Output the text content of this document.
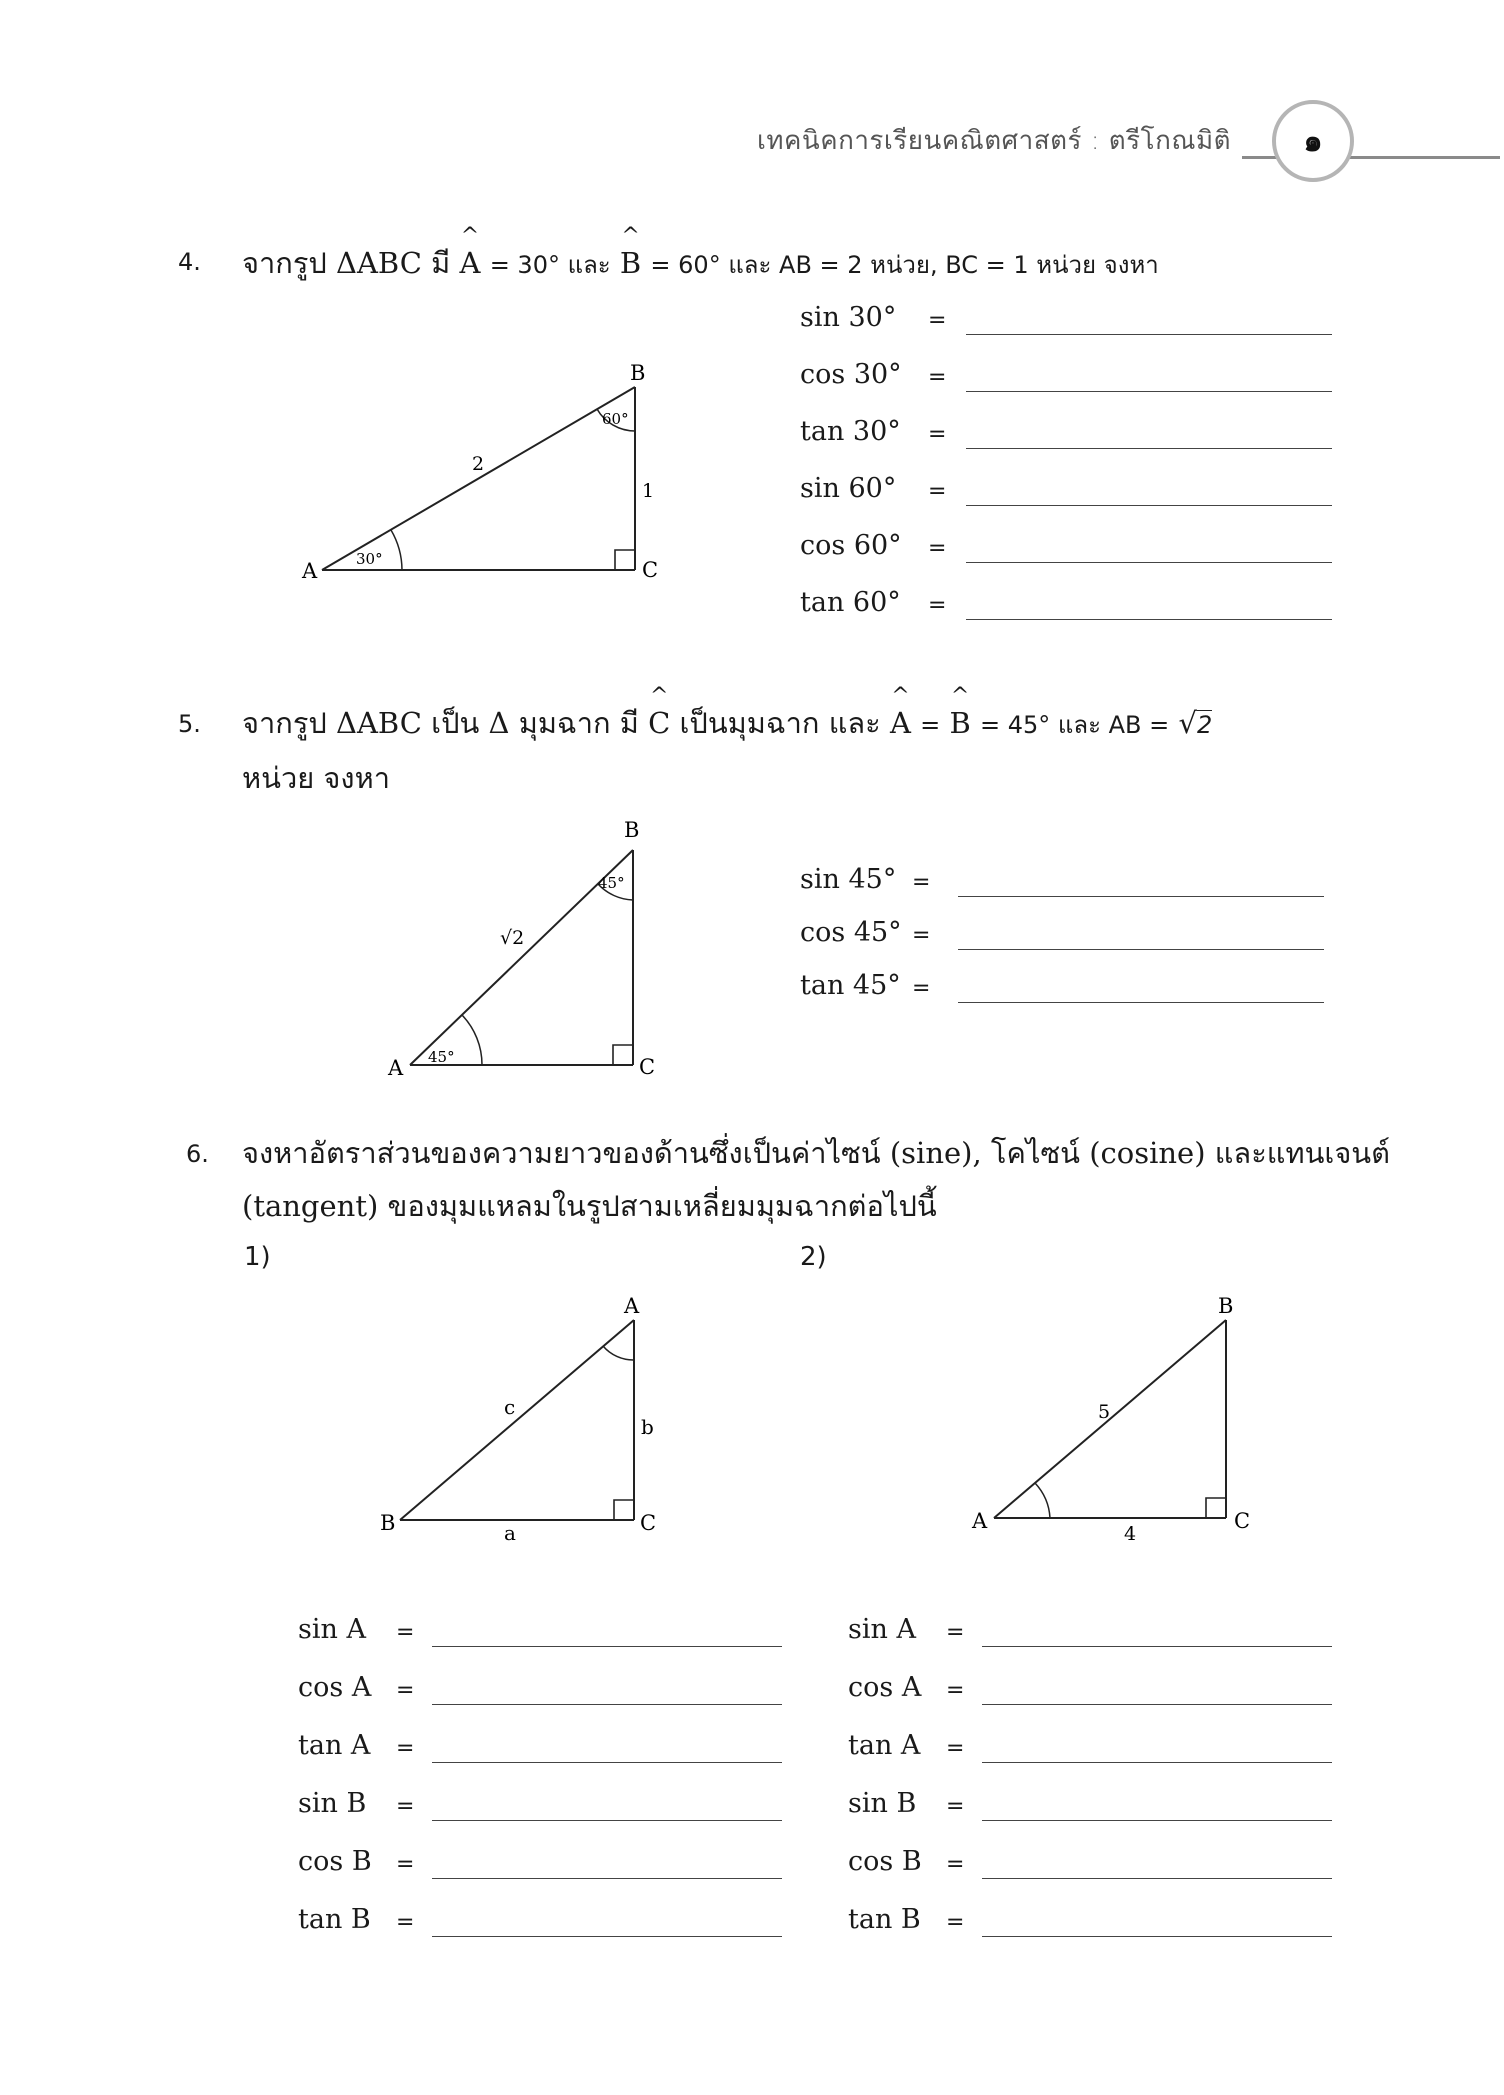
เทคนิคการเรียนคณิตศาสตร์ : ตรีโกณมิติ ๑
4. จากรูป ΔABC มี
^
A = 30° และ
^
B = 60° และ AB = 2 หน่วย, BC = 1 หน่วย จงหา
A
B
C
2
1
30°
60°
sin 30° =
cos 30° =
tan 30° =
sin 60° =
cos 60° =
tan 60° =
5. จากรูป ΔABC เป็น Δ มุมฉาก มี
^
C เป็นมุมฉาก และ
^
A =
^
B = 45° และ AB = √2
หน่วย จงหา
A
B
C
√2
45°
45°	sin 45° =
cos 45° =
tan 45° =
6. จงหาอัตราส่วนของความยาวของด้านซึ่งเป็นค่าไซน์ (sine), โคไซน์ (cosine) และแทนเจนต์
(tangent) ของมุมแหลมในรูปสามเหลี่ยมมุมฉากต่อไปนี้
1)	2)
A
B	C
a
b
c
A
B
C
5
4
sin A =
cos A =
tan A =
sin B =
cos B =
tan B =
sin A =
cos A =
tan A =
sin B =
cos B =
tan B =
